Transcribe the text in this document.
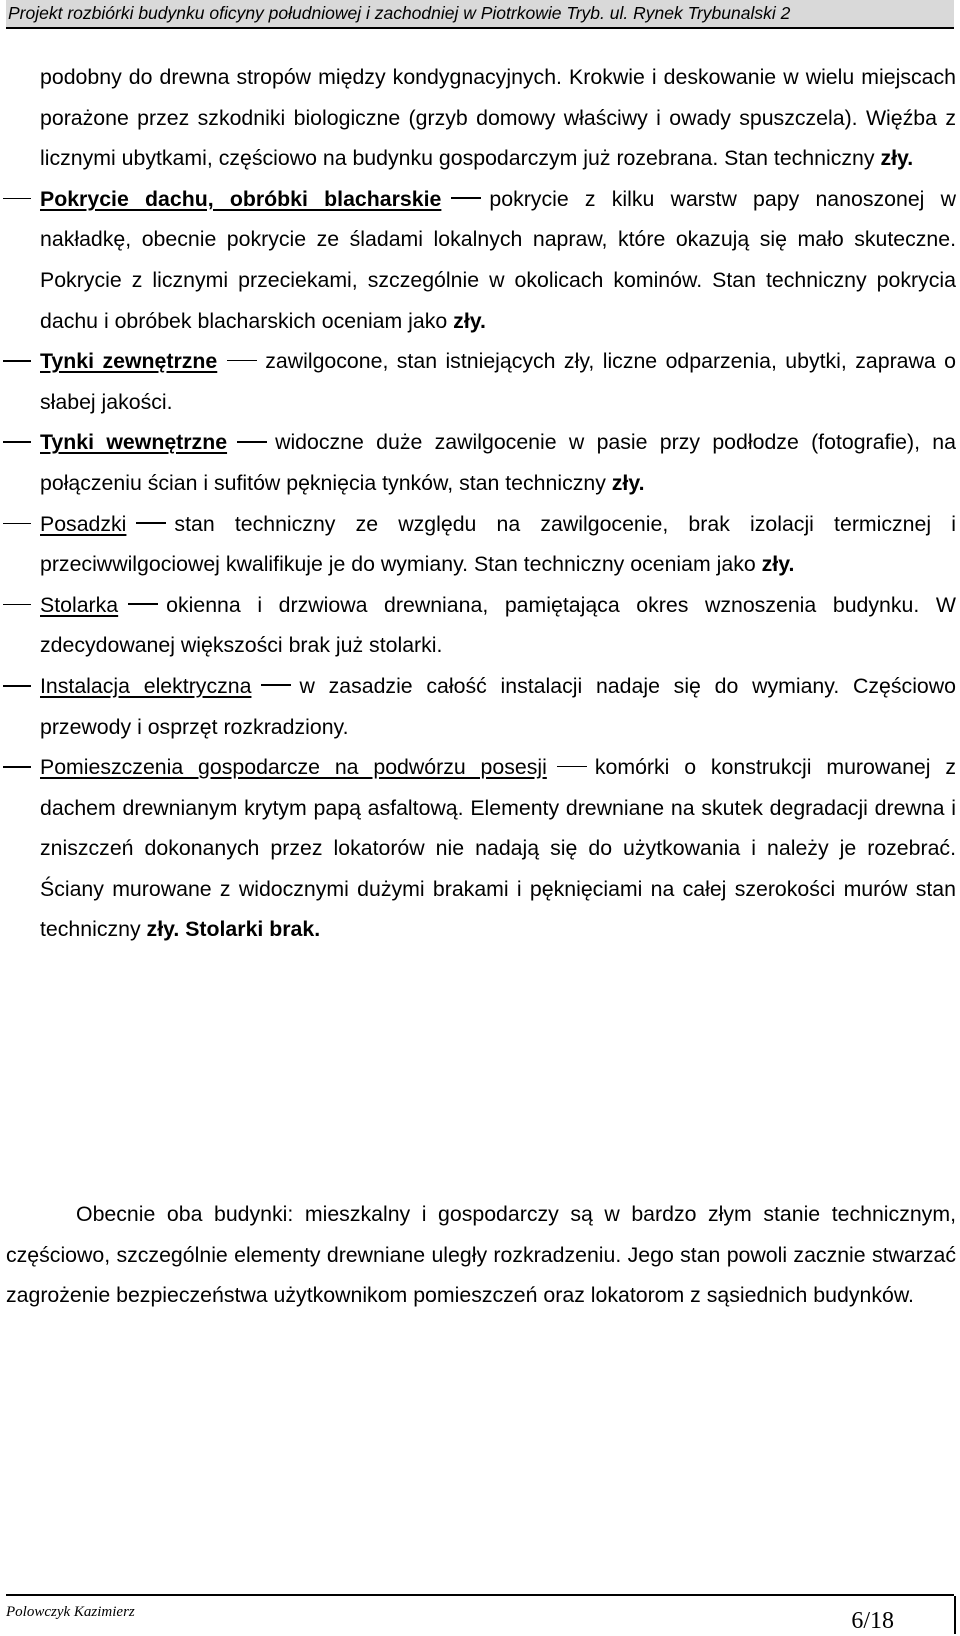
Projekt rozbiórki budynku oficyny południowej i zachodniej w Piotrkowie Tryb. ul. Rynek Trybunalski 2

podobny do drewna stropów między kondygnacyjnych. Krokwie i deskowanie w wielu miejscach porażone przez szkodniki biologiczne (grzyb domowy właściwy i owady spuszczela). Więźba z licznymi ubytkami, częściowo na budynku gospodarczym już rozebrana. Stan techniczny zły.

Pokrycie dachu, obróbki blacharskie pokrycie z kilku warstw papy nanoszonej w nakładkę, obecnie pokrycie ze śladami lokalnych napraw, które okazują się mało skuteczne. Pokrycie z licznymi przeciekami, szczególnie w okolicach kominów. Stan techniczny pokrycia dachu i obróbek blacharskich oceniam jako zły.
Tynki zewnętrzne zawilgocone, stan istniejących zły, liczne odparzenia, ubytki, zaprawa o słabej jakości.
Tynki wewnętrzne widoczne duże zawilgocenie w pasie przy podłodze (fotografie), na połączeniu ścian i sufitów pęknięcia tynków, stan techniczny zły.
Posadzki stan techniczny ze względu na zawilgocenie, brak izolacji termicznej i przeciwwilgociowej kwalifikuje je do wymiany. Stan techniczny oceniam jako zły.
Stolarka okienna i drzwiowa drewniana, pamiętająca okres wznoszenia budynku. W zdecydowanej większości brak już stolarki.
Instalacja elektryczna w zasadzie całość instalacji nadaje się do wymiany. Częściowo przewody i osprzęt rozkradziony.
Pomieszczenia gospodarcze na podwórzu posesji komórki o konstrukcji murowanej z dachem drewnianym krytym papą asfaltową. Elementy drewniane na skutek degradacji drewna i zniszczeń dokonanych przez lokatorów nie nadają się do użytkowania i należy je rozebrać. Ściany murowane z widocznymi dużymi brakami i pęknięciami na całej szerokości murów stan techniczny zły. Stolarki brak.

Obecnie oba budynki: mieszkalny i gospodarczy są w bardzo złym stanie technicznym, częściowo, szczególnie elementy drewniane uległy rozkradzeniu. Jego stan powoli zacznie stwarzać zagrożenie bezpieczeństwa użytkownikom pomieszczeń oraz lokatorom z sąsiednich budynków.

Polowczyk Kazimierz	6/18
